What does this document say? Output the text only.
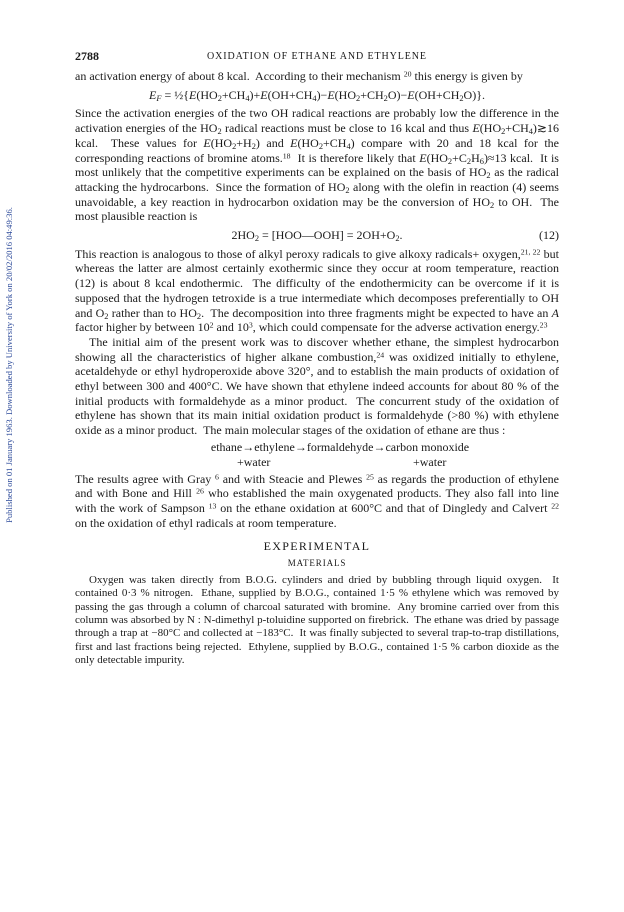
Published on 01 January 1963. Downloaded by University of York on 20/02/2016 04:49:36.
2788	OXIDATION OF ETHANE AND ETHYLENE

an activation energy of about 8 kcal.  According to their mechanism $^{20}$ this energy is given by

$E_F$ = $\frac{1}{2}\{E(HO_2+CH_4)+E(OH+CH_4)-E(HO_2+CH_2O)-E(OH+CH_2O)\}$.

Since the activation energies of the two OH radical reactions are probably low the difference in the activation energies of the $HO_2$ radical reactions must be close to 16 kcal and thus $E(HO_2+CH_4)≳16$ kcal.  These values for $E(HO_2+H_2)$ and $E(HO_2+CH_4)$ compare with 20 and 18 kcal for the corresponding reactions of bromine atoms.$^{18}$  It is therefore likely that $E(HO_2+C_2H_6)\approx 13$ kcal.  It is most unlikely that the competitive experiments can be explained on the basis of $HO_2$ as the radical attacking the hydrocarbons.  Since the formation of $HO_2$ along with the olefin in reaction (4) seems unavoidable, a key reaction in hydrocarbon oxidation may be the conversion of $HO_2$ to OH.  The most plausible reaction is

$2HO_2$ = [HOO—OOH] = $2OH+O_2$.	(12)

This reaction is analogous to those of alkyl peroxy radicals to give alkoxy radicals+ oxygen,$^{21, 22}$ but whereas the latter are almost certainly exothermic since they occur at room temperature, reaction (12) is about 8 kcal endothermic.  The difficulty of the endothermicity can be overcome if it is supposed that the hydrogen tetroxide is a true intermediate which decomposes preferentially to OH and $O_2$ rather than to $HO_2$.  The decomposition into three fragments might be expected to have an A factor higher by between $10^2$ and $10^3$, which could compensate for the adverse activation energy.$^{23}$

The initial aim of the present work was to discover whether ethane, the simplest hydrocarbon showing all the characteristics of higher alkane combustion,$^{24}$ was oxidized initially to ethylene, acetaldehyde or ethyl hydroperoxide above 320°, and to establish the main products of oxidation of ethyl between 300 and 400°C. We have shown that ethylene indeed accounts for about 80 % of the initial products with formaldehyde as a minor product.  The concurrent study of the oxidation of ethylene has shown that its main initial oxidation product is formaldehyde (>80 %) with ethylene oxide as a minor product.  The main molecular stages of the oxidation of ethane are thus :

ethane→ethylene→formaldehyde→carbon monoxide
+water	+water

The results agree with Gray $^6$ and with Steacie and Plewes $^{25}$ as regards the production of ethylene and with Bone and Hill $^{26}$ who established the main oxygenated products. They also fall into line with the work of Sampson $^{13}$ on the ethane oxidation at 600°C and that of Dingledy and Calvert $^{22}$ on the oxidation of ethyl radicals at room temperature.

EXPERIMENTAL
MATERIALS

Oxygen was taken directly from B.O.G. cylinders and dried by bubbling through liquid oxygen.  It contained 0·3 % nitrogen.  Ethane, supplied by B.O.G., contained 1·5 % ethylene which was removed by passing the gas through a column of charcoal saturated with bromine.  Any bromine carried over from this column was absorbed by N : N-dimethyl p-toluidine supported on firebrick.  The ethane was dried by passage through a trap at −80°C and collected at −183°C.  It was finally subjected to several trap-to-trap distillations, first and last fractions being rejected.  Ethylene, supplied by B.O.G., contained 1·5 % carbon dioxide as the only detectable impurity.
